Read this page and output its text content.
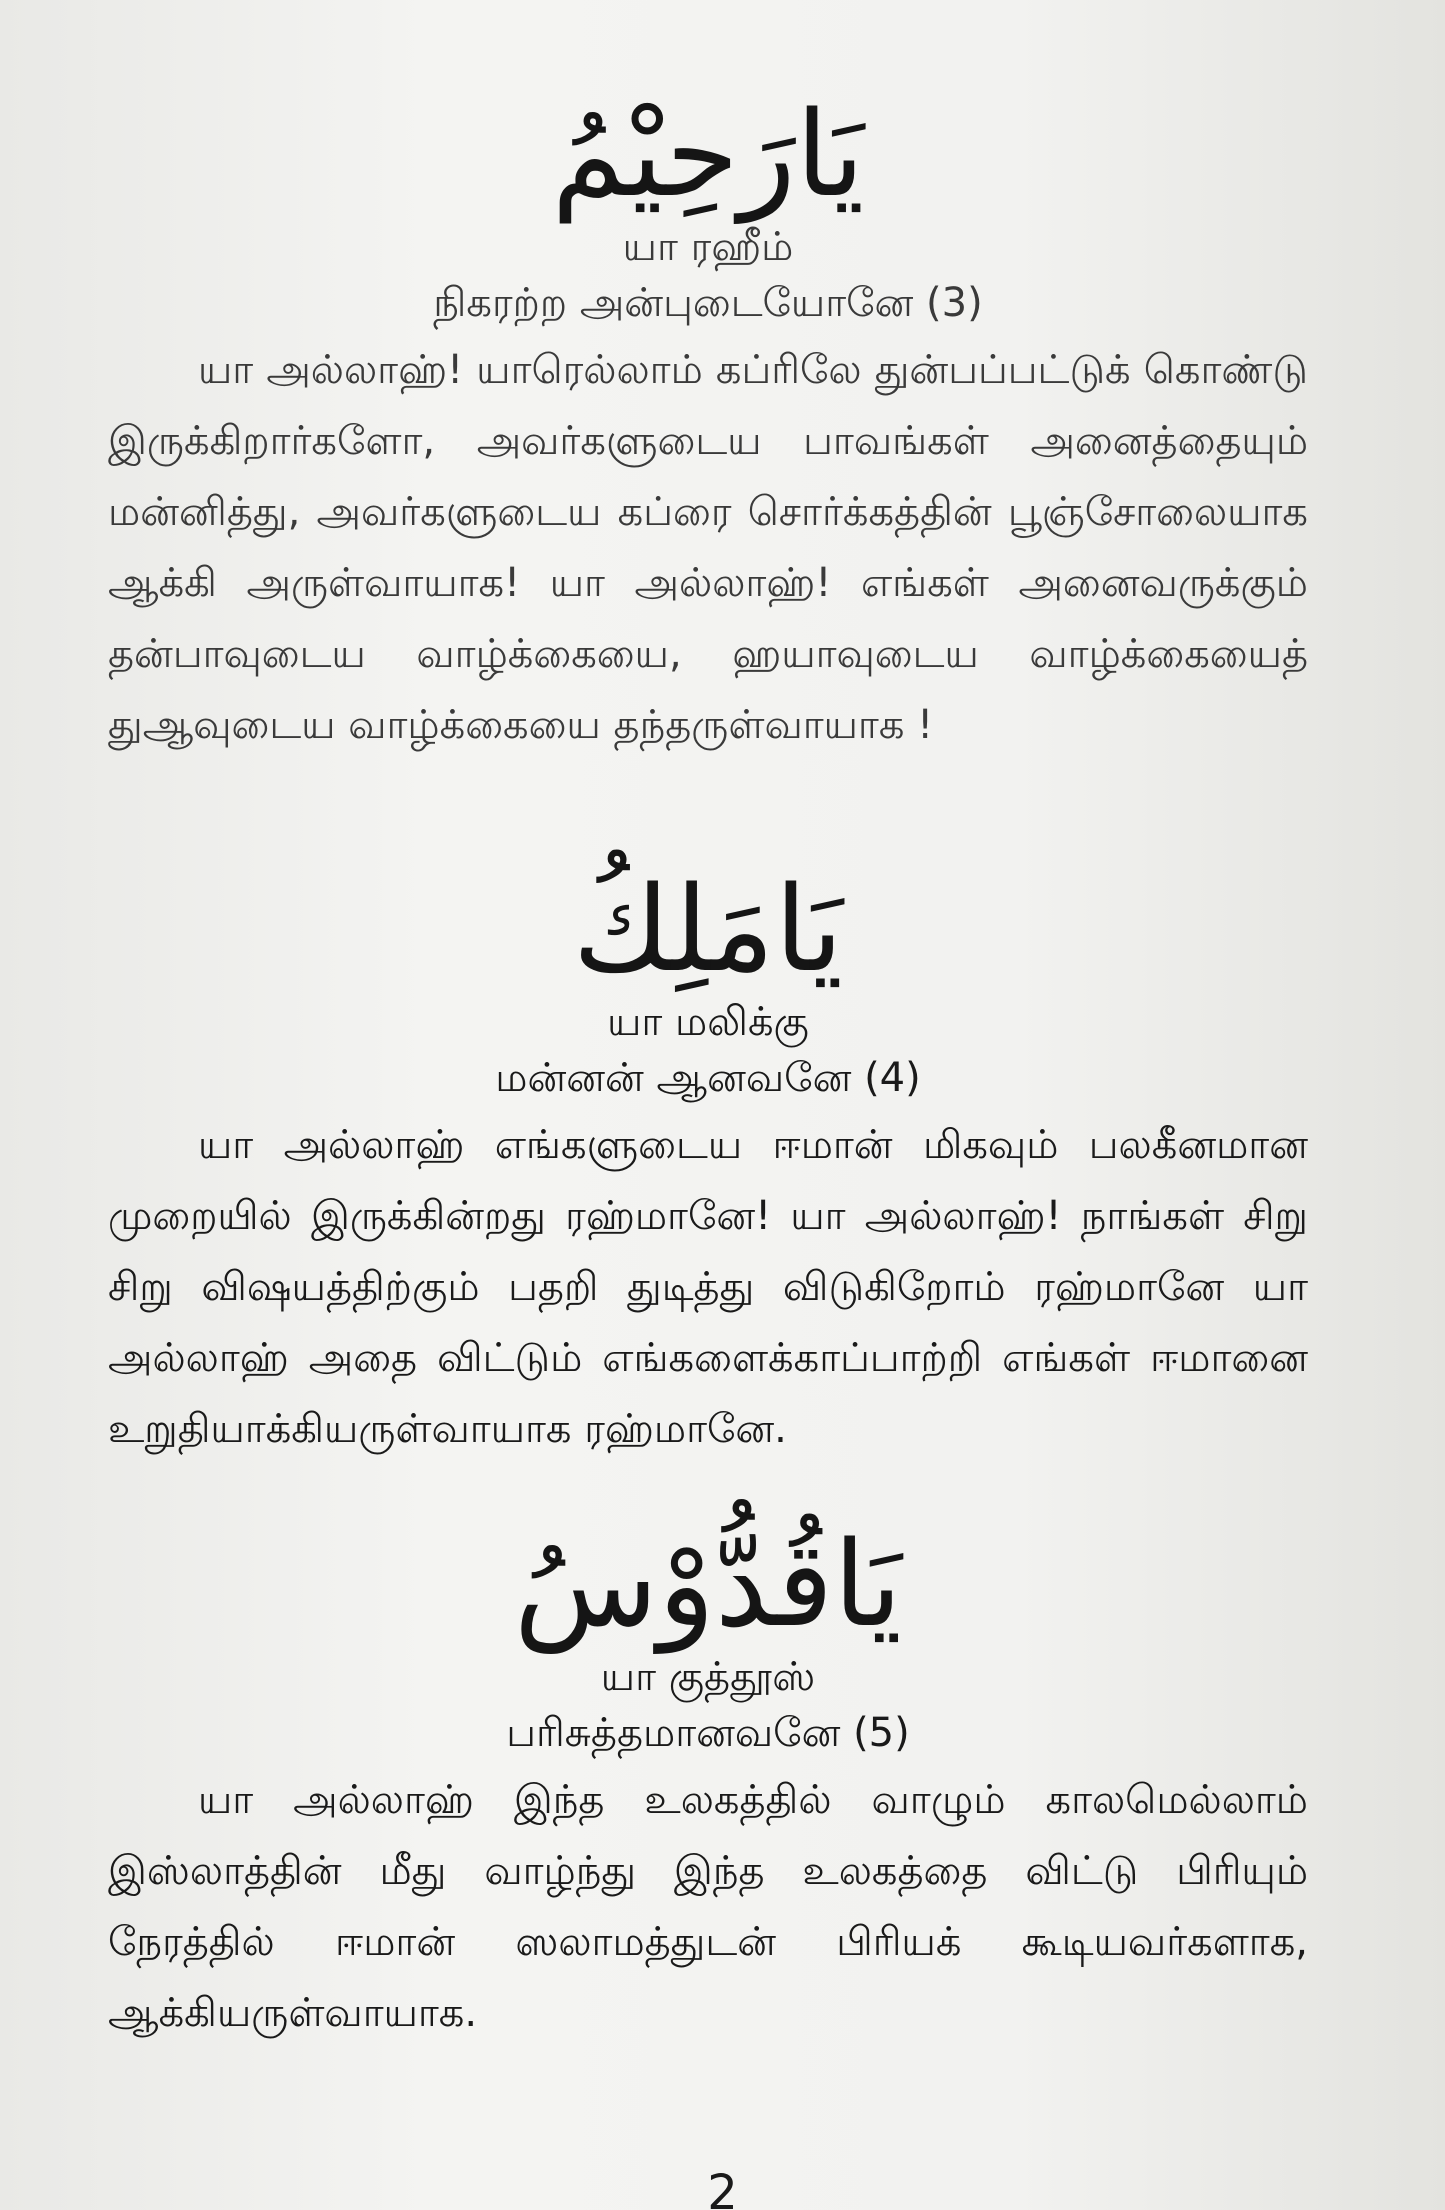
يَارَحِيْمُ
யா ரஹீம்
நிகரற்ற அன்புடையோனே (3)

யா அல்லாஹ்! யாரெல்லாம் கப்ரிலே துன்பப்பட்டுக் கொண்டு இருக்கிறார்களோ, அவர்களுடைய பாவங்கள் அனைத்தையும் மன்னித்து, அவர்களுடைய கப்ரை சொர்க்கத்தின் பூஞ்சோலையாக ஆக்கி அருள்வாயாக! யா அல்லாஹ்! எங்கள் அனைவருக்கும் தன்பாவுடைய வாழ்க்கையை, ஹயாவுடைய வாழ்க்கையைத் துஆவுடைய வாழ்க்கையை தந்தருள்வாயாக !

يَامَلِكُ
யா மலிக்கு
மன்னன் ஆனவனே (4)

யா அல்லாஹ் எங்களுடைய ஈமான் மிகவும் பலகீனமான முறையில் இருக்கின்றது ரஹ்மானே! யா அல்லாஹ்! நாங்கள் சிறு சிறு விஷயத்திற்கும் பதறி துடித்து விடுகிறோம் ரஹ்மானே யா அல்லாஹ் அதை விட்டும் எங்களைக்காப்பாற்றி எங்கள் ஈமானை உறுதியாக்கியருள்வாயாக ரஹ்மானே.

يَاقُدُّوْسُ
யா குத்தூஸ்
பரிசுத்தமானவனே (5)

யா அல்லாஹ் இந்த உலகத்தில் வாழும் காலமெல்லாம் இஸ்லாத்தின் மீது வாழ்ந்து இந்த உலகத்தை விட்டு பிரியும் நேரத்தில் ஈமான் ஸலாமத்துடன் பிரியக் கூடியவர்களாக, ஆக்கியருள்வாயாக.

2
